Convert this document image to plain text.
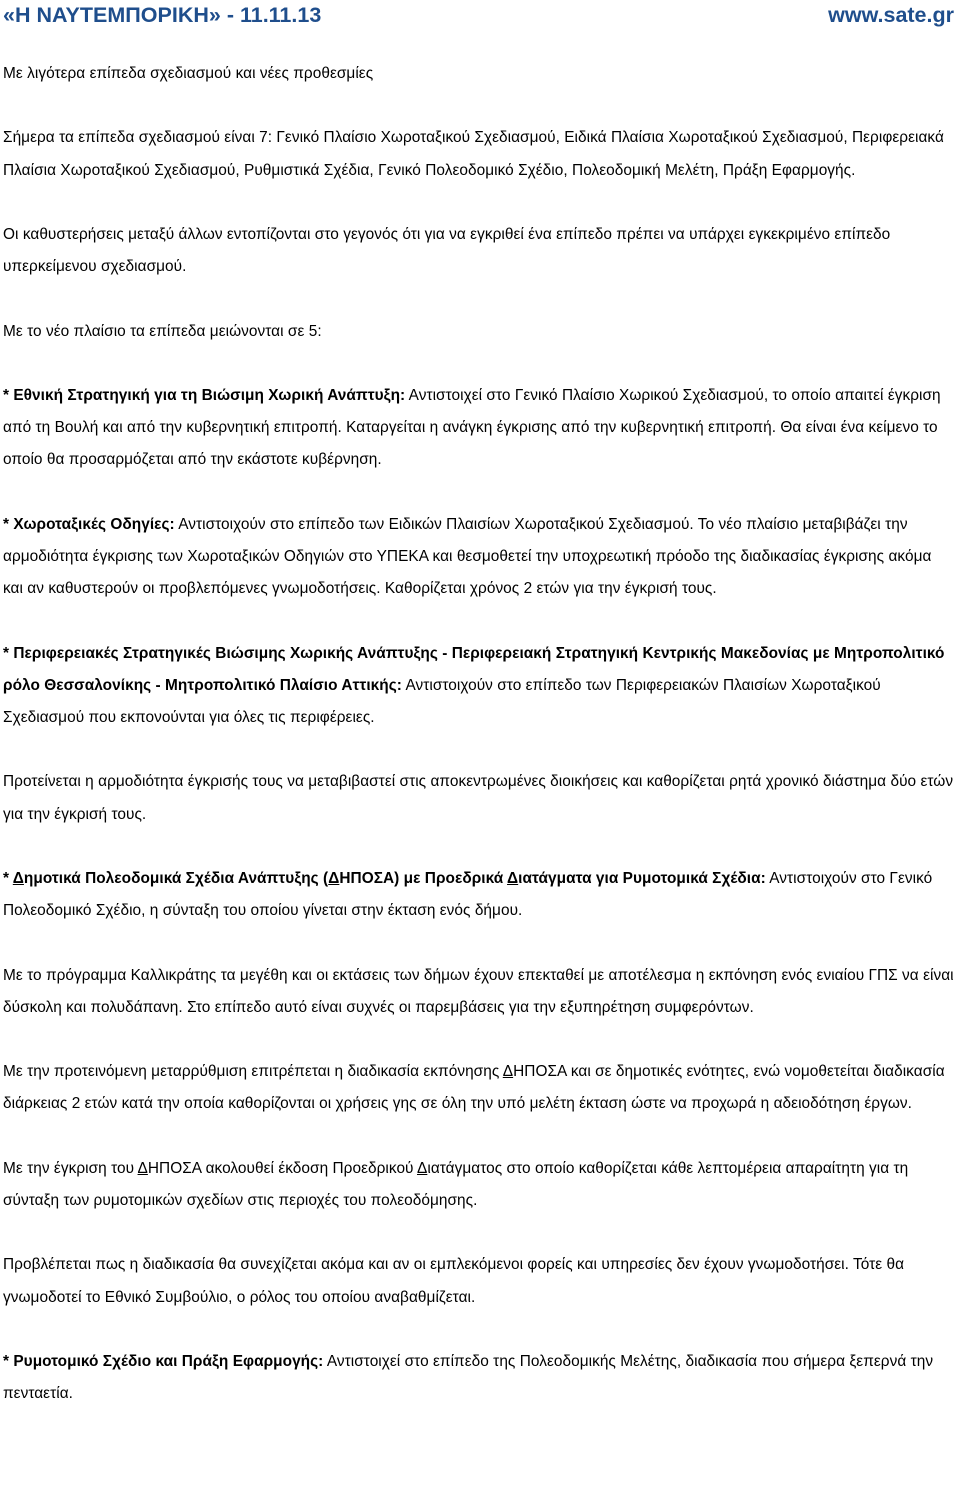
«Η ΝΑΥΤΕΜΠΟΡΙΚΗ» - 11.11.13	www.sate.gr

Με λιγότερα επίπεδα σχεδιασμού και νέες προθεσμίες

Σήμερα τα επίπεδα σχεδιασμού είναι 7: Γενικό Πλαίσιο Χωροταξικού Σχεδιασμού, Ειδικά Πλαίσια Χωροταξικού Σχεδιασμού, Περιφερειακά Πλαίσια Χωροταξικού Σχεδιασμού, Ρυθμιστικά Σχέδια, Γενικό Πολεοδομικό Σχέδιο, Πολεοδομική Μελέτη, Πράξη Εφαρμογής.

Οι καθυστερήσεις μεταξύ άλλων εντοπίζονται στο γεγονός ότι για να εγκριθεί ένα επίπεδο πρέπει να υπάρχει εγκεκριμένο επίπεδο υπερκείμενου σχεδιασμού.

Με το νέο πλαίσιο τα επίπεδα μειώνονται σε 5:

* Εθνική Στρατηγική για τη Βιώσιμη Χωρική Ανάπτυξη: Αντιστοιχεί στο Γενικό Πλαίσιο Χωρικού Σχεδιασμού, το οποίο απαιτεί έγκριση από τη Βουλή και από την κυβερνητική επιτροπή. Καταργείται η ανάγκη έγκρισης από την κυβερνητική επιτροπή. Θα είναι ένα κείμενο το οποίο θα προσαρμόζεται από την εκάστοτε κυβέρνηση.

* Χωροταξικές Οδηγίες: Αντιστοιχούν στο επίπεδο των Ειδικών Πλαισίων Χωροταξικού Σχεδιασμού. Το νέο πλαίσιο μεταβιβάζει την αρμοδιότητα έγκρισης των Χωροταξικών Οδηγιών στο ΥΠΕΚΑ και θεσμοθετεί την υποχρεωτική πρόοδο της διαδικασίας έγκρισης ακόμα και αν καθυστερούν οι προβλεπόμενες γνωμοδοτήσεις. Καθορίζεται χρόνος 2 ετών για την έγκρισή τους.

* Περιφερειακές Στρατηγικές Βιώσιμης Χωρικής Ανάπτυξης - Περιφερειακή Στρατηγική Κεντρικής Μακεδονίας με Μητροπολιτικό ρόλο Θεσσαλονίκης - Μητροπολιτικό Πλαίσιο Αττικής: Αντιστοιχούν στο επίπεδο των Περιφερειακών Πλαισίων Χωροταξικού Σχεδιασμού που εκπονούνται για όλες τις περιφέρειες.

Προτείνεται η αρμοδιότητα έγκρισής τους να μεταβιβαστεί στις αποκεντρωμένες διοικήσεις και καθορίζεται ρητά χρονικό διάστημα δύο ετών για την έγκρισή τους.

* Δημοτικά Πολεοδομικά Σχέδια Ανάπτυξης (ΔΗΠΟΣΑ) με Προεδρικά Διατάγματα για Ρυμοτομικά Σχέδια: Αντιστοιχούν στο Γενικό Πολεοδομικό Σχέδιο, η σύνταξη του οποίου γίνεται στην έκταση ενός δήμου.

Με το πρόγραμμα Καλλικράτης τα μεγέθη και οι εκτάσεις των δήμων έχουν επεκταθεί με αποτέλεσμα η εκπόνηση ενός ενιαίου ΓΠΣ να είναι δύσκολη και πολυδάπανη. Στο επίπεδο αυτό είναι συχνές οι παρεμβάσεις για την εξυπηρέτηση συμφερόντων.

Με την προτεινόμενη μεταρρύθμιση επιτρέπεται η διαδικασία εκπόνησης ΔΗΠΟΣΑ και σε δημοτικές ενότητες, ενώ νομοθετείται διαδικασία διάρκειας 2 ετών κατά την οποία καθορίζονται οι χρήσεις γης σε όλη την υπό μελέτη έκταση ώστε να προχωρά η αδειοδότηση έργων.

Με την έγκριση του ΔΗΠΟΣΑ ακολουθεί έκδοση Προεδρικού Διατάγματος στο οποίο καθορίζεται κάθε λεπτομέρεια απαραίτητη για τη σύνταξη των ρυμοτομικών σχεδίων στις περιοχές του πολεοδόμησης.

Προβλέπεται πως η διαδικασία θα συνεχίζεται ακόμα και αν οι εμπλεκόμενοι φορείς και υπηρεσίες δεν έχουν γνωμοδοτήσει. Τότε θα γνωμοδοτεί το Εθνικό Συμβούλιο, ο ρόλος του οποίου αναβαθμίζεται.

* Ρυμοτομικό Σχέδιο και Πράξη Εφαρμογής: Αντιστοιχεί στο επίπεδο της Πολεοδομικής Μελέτης, διαδικασία που σήμερα ξεπερνά την πενταετία.
